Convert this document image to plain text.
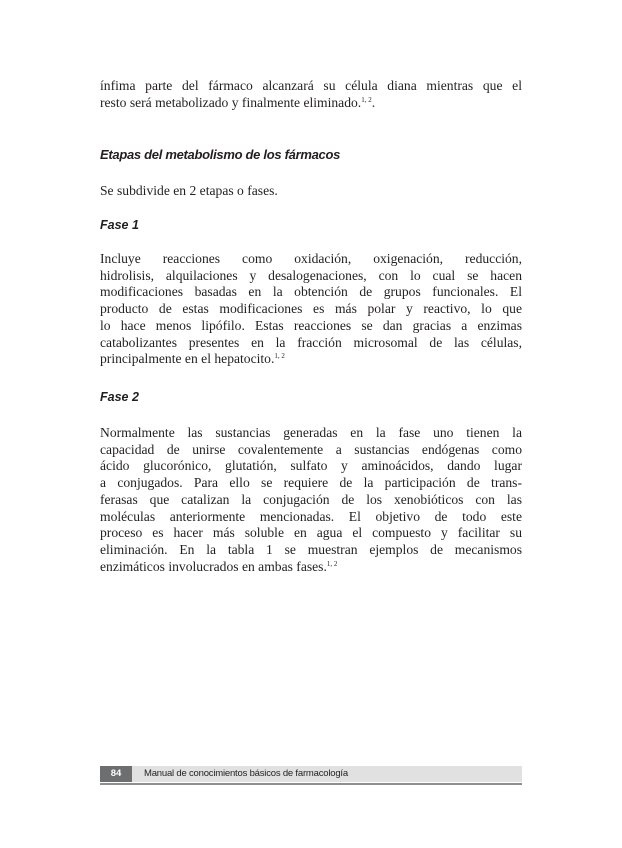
ínfima parte del fármaco alcanzará su célula diana mientras que el
resto será metabolizado y finalmente eliminado.$^{1, 2}$.
Etapas del metabolismo de los fármacos
Se subdivide en 2 etapas o fases.
Fase 1
Incluye reacciones como oxidación, oxigenación, reducción,
hidrolisis, alquilaciones y desalogenaciones, con lo cual se hacen
modificaciones basadas en la obtención de grupos funcionales. El
producto de estas modificaciones es más polar y reactivo, lo que
lo hace menos lipófilo. Estas reacciones se dan gracias a enzimas
catabolizantes presentes en la fracción microsomal de las células,
principalmente en el hepatocito.$^{1, 2}$
Fase 2
Normalmente las sustancias generadas en la fase uno tienen la
capacidad de unirse covalentemente a sustancias endógenas como
ácido glucorónico, glutatión, sulfato y aminoácidos, dando lugar
a conjugados. Para ello se requiere de la participación de trans-
ferasas que catalizan la conjugación de los xenobióticos con las
moléculas anteriormente mencionadas. El objetivo de todo este
proceso es hacer más soluble en agua el compuesto y facilitar su
eliminación. En la tabla 1 se muestran ejemplos de mecanismos
enzimáticos involucrados en ambas fases.$^{1, 2}$
84	Manual de conocimientos básicos de farmacología
